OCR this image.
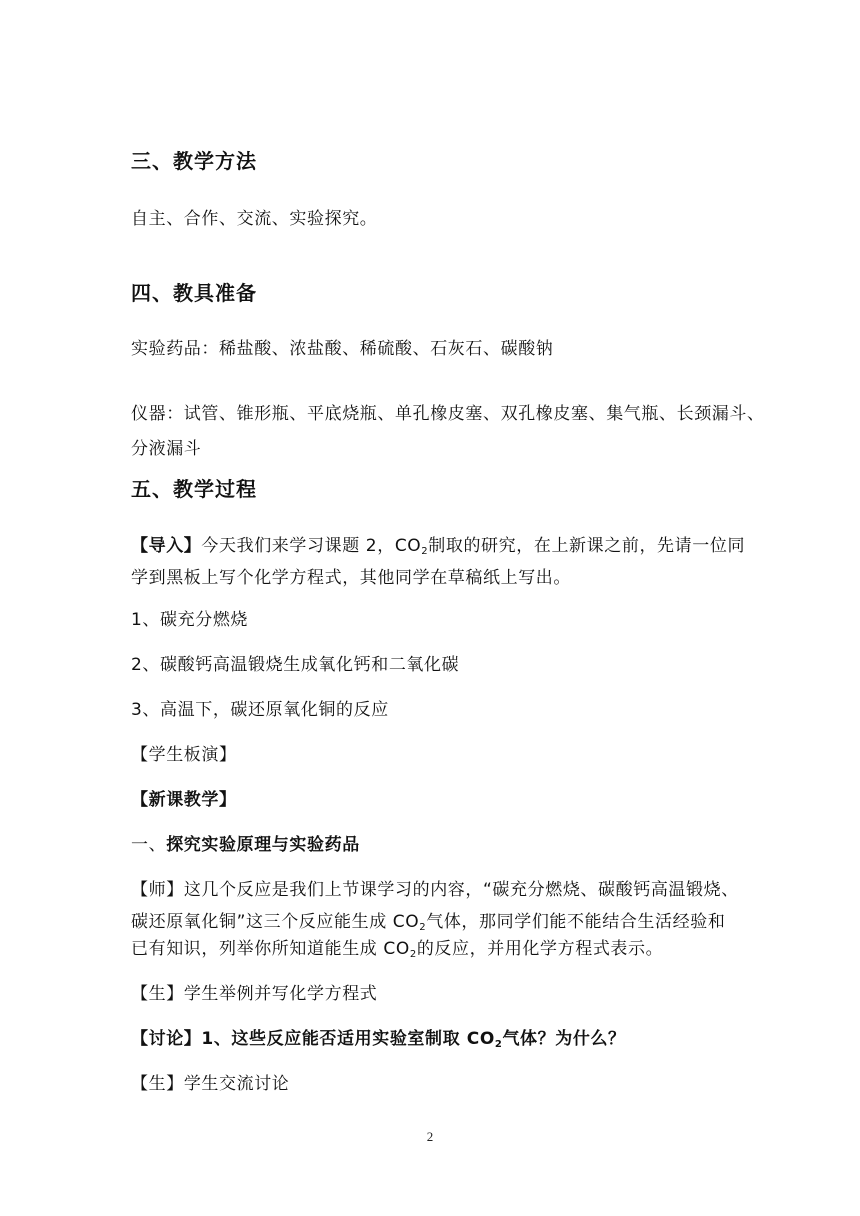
三、教学方法
自主、合作、交流、实验探究。
四、教具准备
实验药品：稀盐酸、浓盐酸、稀硫酸、石灰石、碳酸钠
仪器：试管、锥形瓶、平底烧瓶、单孔橡皮塞、双孔橡皮塞、集气瓶、长颈漏斗、
分液漏斗
五、教学过程
【导入】今天我们来学习课题 2，$CO_2$制取的研究，在上新课之前，先请一位同
学到黑板上写个化学方程式，其他同学在草稿纸上写出。
1、碳充分燃烧
2、碳酸钙高温锻烧生成氧化钙和二氧化碳
3、高温下，碳还原氧化铜的反应
【学生板演】
【新课教学】
一、探究实验原理与实验药品
【师】这几个反应是我们上节课学习的内容，“碳充分燃烧、碳酸钙高温锻烧、
碳还原氧化铜”这三个反应能生成 $CO_2$气体，那同学们能不能结合生活经验和
已有知识，列举你所知道能生成 $CO_2$的反应，并用化学方程式表示。
【生】学生举例并写化学方程式
【讨论】1、这些反应能否适用实验室制取 $CO_2$气体？为什么？
【生】学生交流讨论
2
